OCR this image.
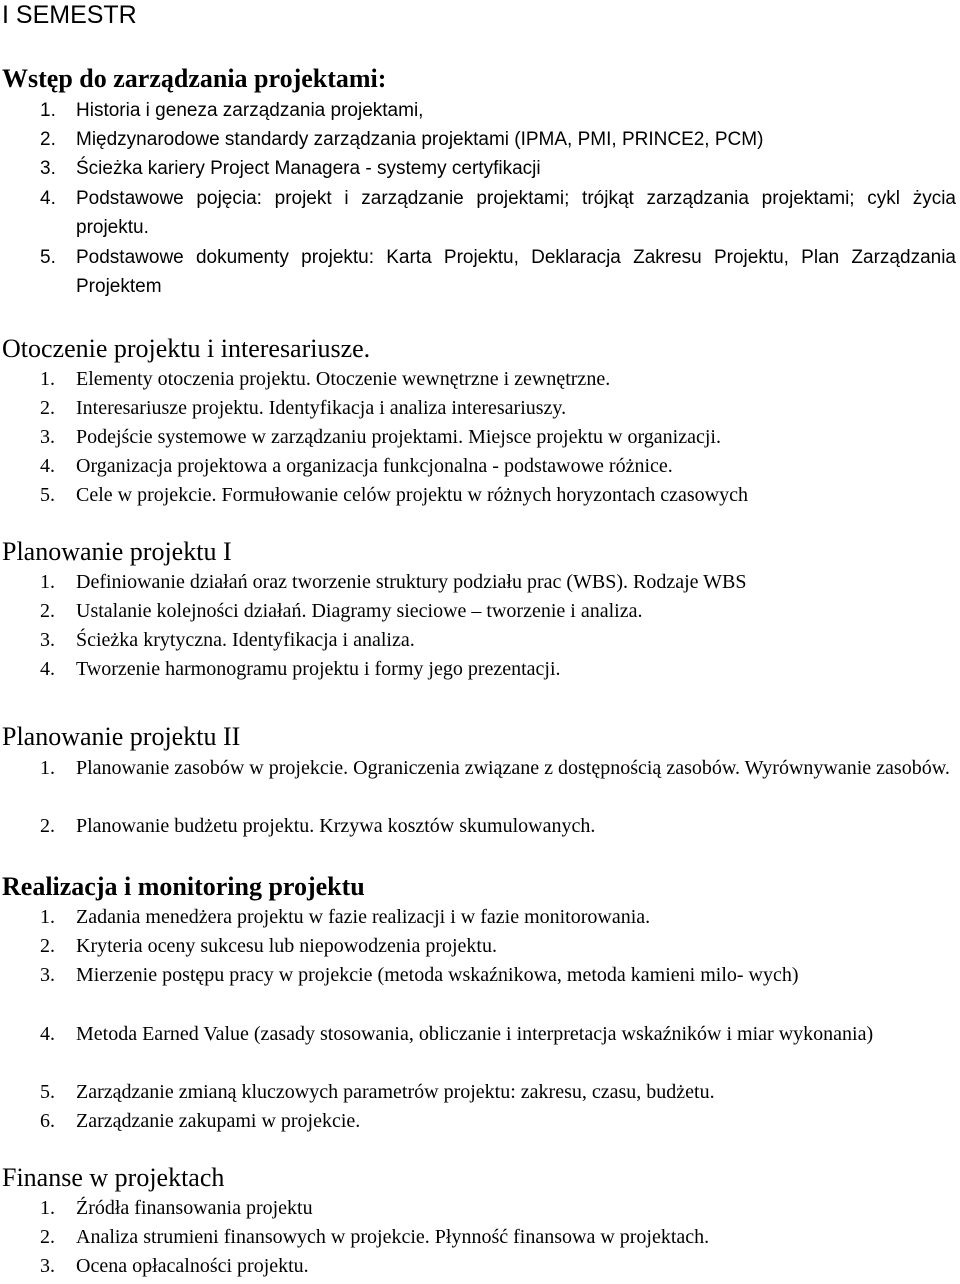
I SEMESTR
Wstęp do zarządzania projektami:
1. Historia i geneza zarządzania projektami,
2. Międzynarodowe standardy zarządzania projektami (IPMA, PMI, PRINCE2, PCM)
3. Ścieżka kariery Project Managera - systemy certyfikacji
4. Podstawowe pojęcia: projekt i zarządzanie projektami; trójkąt zarządzania projektami; cykl życia projektu.
5. Podstawowe dokumenty projektu: Karta Projektu, Deklaracja Zakresu Projektu, Plan Zarządzania Projektem
Otoczenie projektu i interesariusze.
1. Elementy otoczenia projektu. Otoczenie wewnętrzne i zewnętrzne.
2. Interesariusze projektu. Identyfikacja i analiza interesariuszy.
3. Podejście systemowe w zarządzaniu projektami. Miejsce projektu w organizacji.
4. Organizacja projektowa a organizacja funkcjonalna - podstawowe różnice.
5. Cele w projekcie. Formułowanie celów projektu w różnych horyzontach czasowych
Planowanie projektu I
1. Definiowanie działań oraz tworzenie struktury podziału prac (WBS). Rodzaje WBS
2. Ustalanie kolejności działań. Diagramy sieciowe – tworzenie i analiza.
3. Ścieżka krytyczna. Identyfikacja i analiza.
4. Tworzenie harmonogramu projektu i formy jego prezentacji.
Planowanie projektu II
1. Planowanie zasobów w projekcie. Ograniczenia związane z dostępnością zasobów. Wyrównywanie zasobów.
2. Planowanie budżetu projektu. Krzywa kosztów skumulowanych.
Realizacja i monitoring projektu
1. Zadania menedżera projektu w fazie realizacji i w fazie monitorowania.
2. Kryteria oceny sukcesu lub niepowodzenia projektu.
3. Mierzenie postępu pracy w projekcie (metoda wskaźnikowa, metoda kamieni milo- wych)
4. Metoda Earned Value (zasady stosowania, obliczanie i interpretacja wskaźników i miar wykonania)
5. Zarządzanie zmianą kluczowych parametrów projektu: zakresu, czasu, budżetu.
6. Zarządzanie zakupami w projekcie.
Finanse w projektach
1. Źródła finansowania projektu
2. Analiza strumieni finansowych w projekcie. Płynność finansowa w projektach.
3. Ocena opłacalności projektu.
